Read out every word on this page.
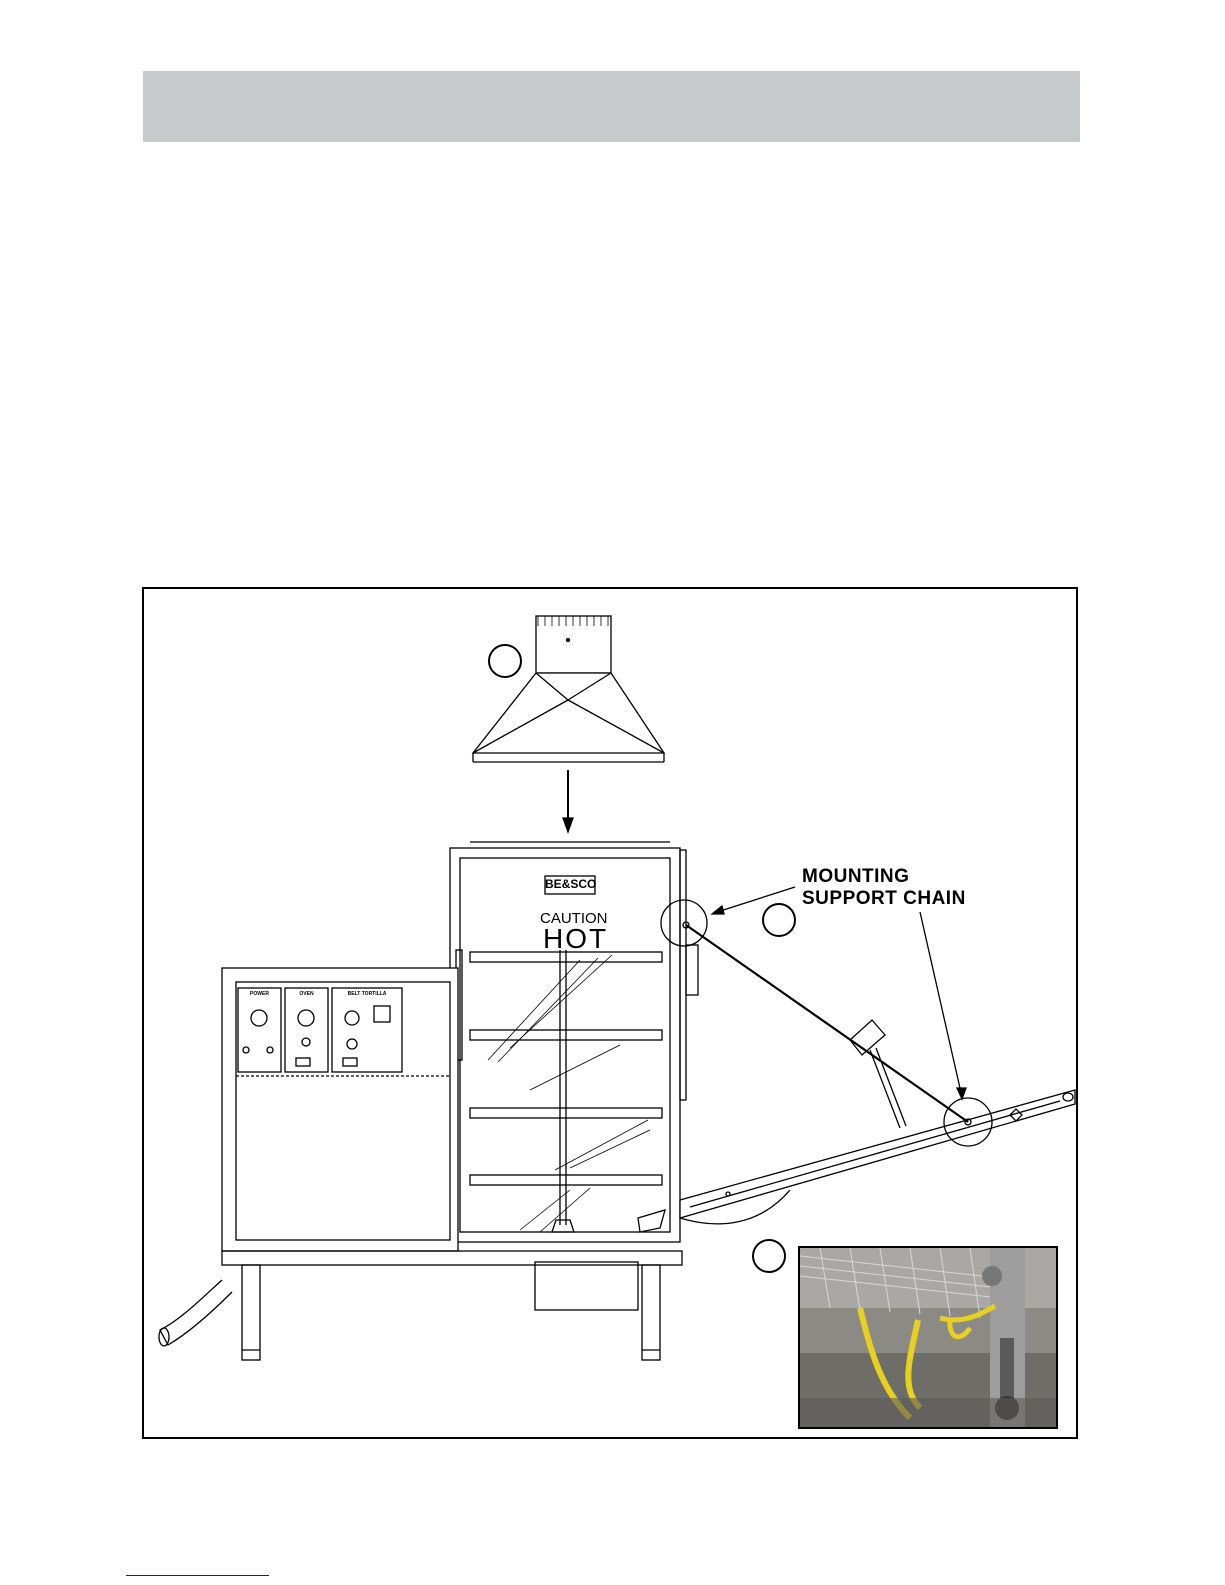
BE&SCO
CAUTION
HOT
POWER	OVEN	BELT TORTILLA
MOUNTING
SUPPORT CHAIN
